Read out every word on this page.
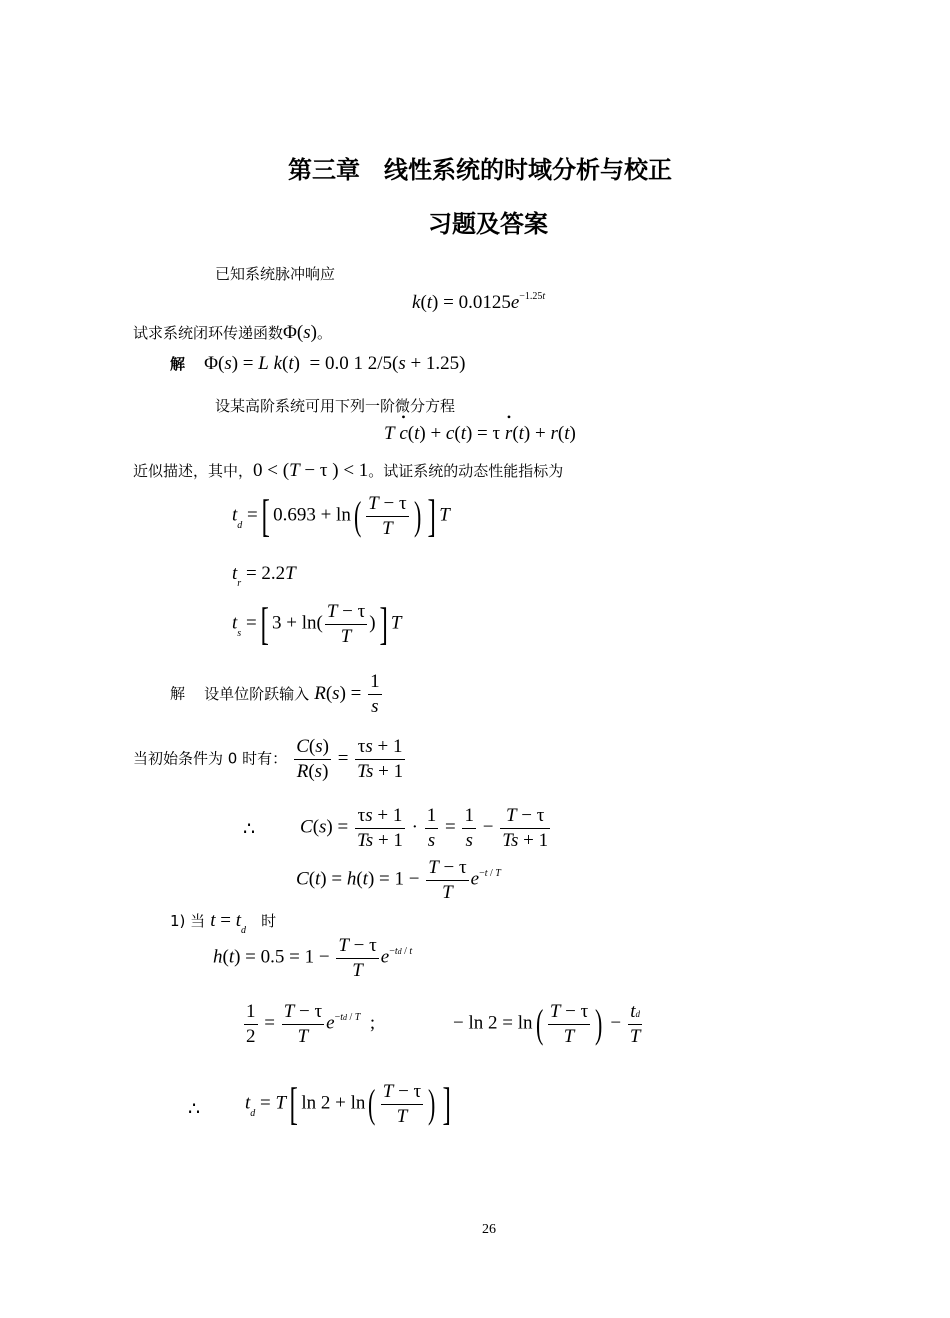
第三章　线性系统的时域分析与校正
习题及答案
已知系统脉冲响应
$k(t) = 0.0125e^{-1.25t}$
试求系统闭环传递函数Φ(s)。
解 Φ(s) = L k(t)  = 0.0 1 2/5(s + 1.25)
设某高阶系统可用下列一阶微分方程
T • c(t) + c(t) = τ • r(t) + r(t)
近似描述，其中，0 < (T − τ ) < 1。试证系统的动态性能指标为
$t_d$ =[ $0.693 + \ln( \frac{T - \tau}{T}$ ) ] T
$t_r = 2.2T$
$t_s$ =[ $3 + \ln( \frac{T - \tau}{T}$ )] T
解 设单位阶跃输入 $R(s) = \frac{1}{s}$
当初始条件为 0 时有： $\frac{C(s)}{R(s)} = \frac{\tau s + 1}{Ts + 1}$
∴ $C(s) = \frac{\tau s + 1}{Ts + 1} \cdot \frac{1}{s} = \frac{1}{s} - \frac{T - \tau}{Ts + 1}$
$C(t) = h(t) = 1 - \frac{T - \tau}{T} e^{-t / T}$
1) 当 $t = t_d$ 时
$h(t) = 0.5 = 1 - \frac{T - \tau}{T} e^{-td / t}$
$\frac{1}{2} = \frac{T - \tau}{T} e^{-td / T}$  ;	− $\ln 2 = \ln( \frac{T - \tau}{T}$ ) − $\frac{td}{T}$
∴ $t_d = T$[ $\ln 2 + \ln( \frac{T - \tau}{T}$ ) ]
26
